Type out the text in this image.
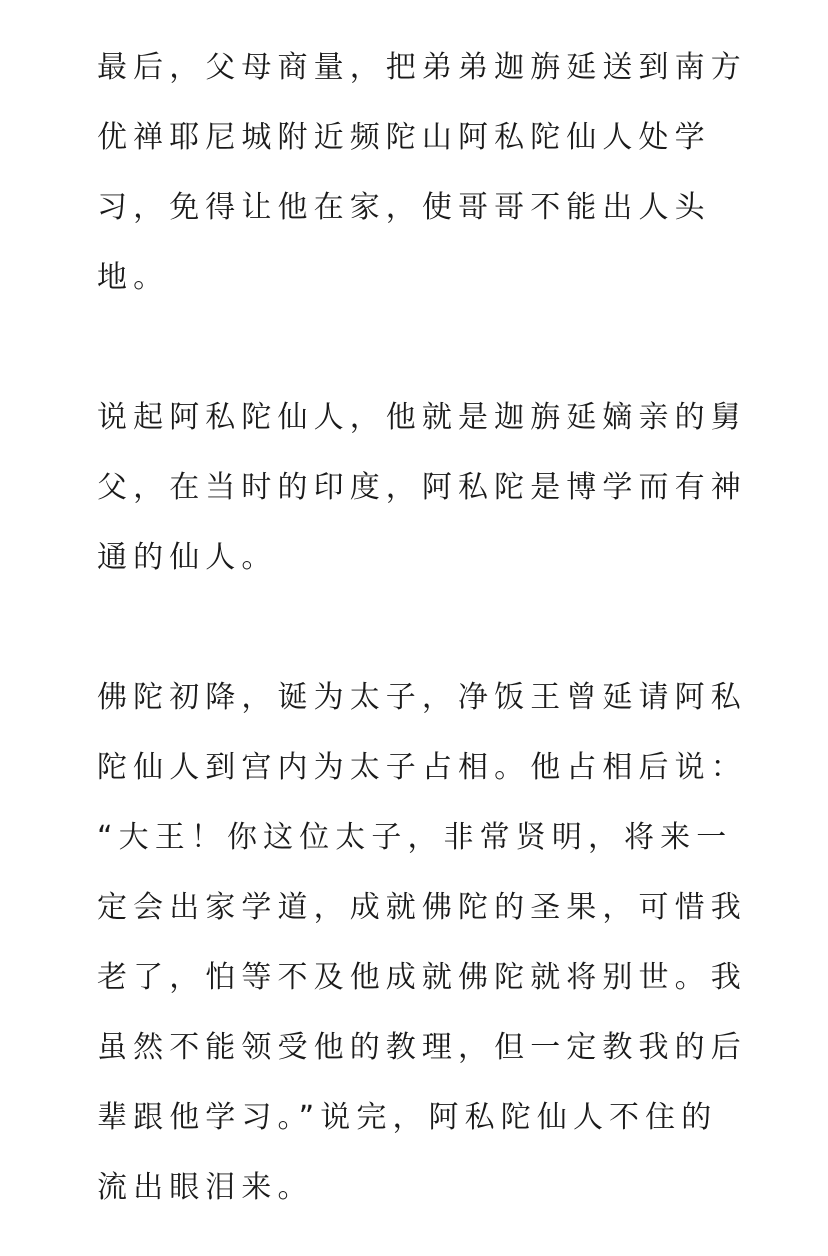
最后，父母商量，把弟弟迦旃延送到南方
优禅耶尼城附近频陀山阿私陀仙人处学
习，免得让他在家，使哥哥不能出人头
地。
说起阿私陀仙人，他就是迦旃延嫡亲的舅
父，在当时的印度，阿私陀是博学而有神
通的仙人。
佛陀初降，诞为太子，净饭王曾延请阿私
陀仙人到宫内为太子占相。他占相后说：
“大王！你这位太子，非常贤明，将来一
定会出家学道，成就佛陀的圣果，可惜我
老了，怕等不及他成就佛陀就将别世。我
虽然不能领受他的教理，但一定教我的后
辈跟他学习。”说完，阿私陀仙人不住的
流出眼泪来。
